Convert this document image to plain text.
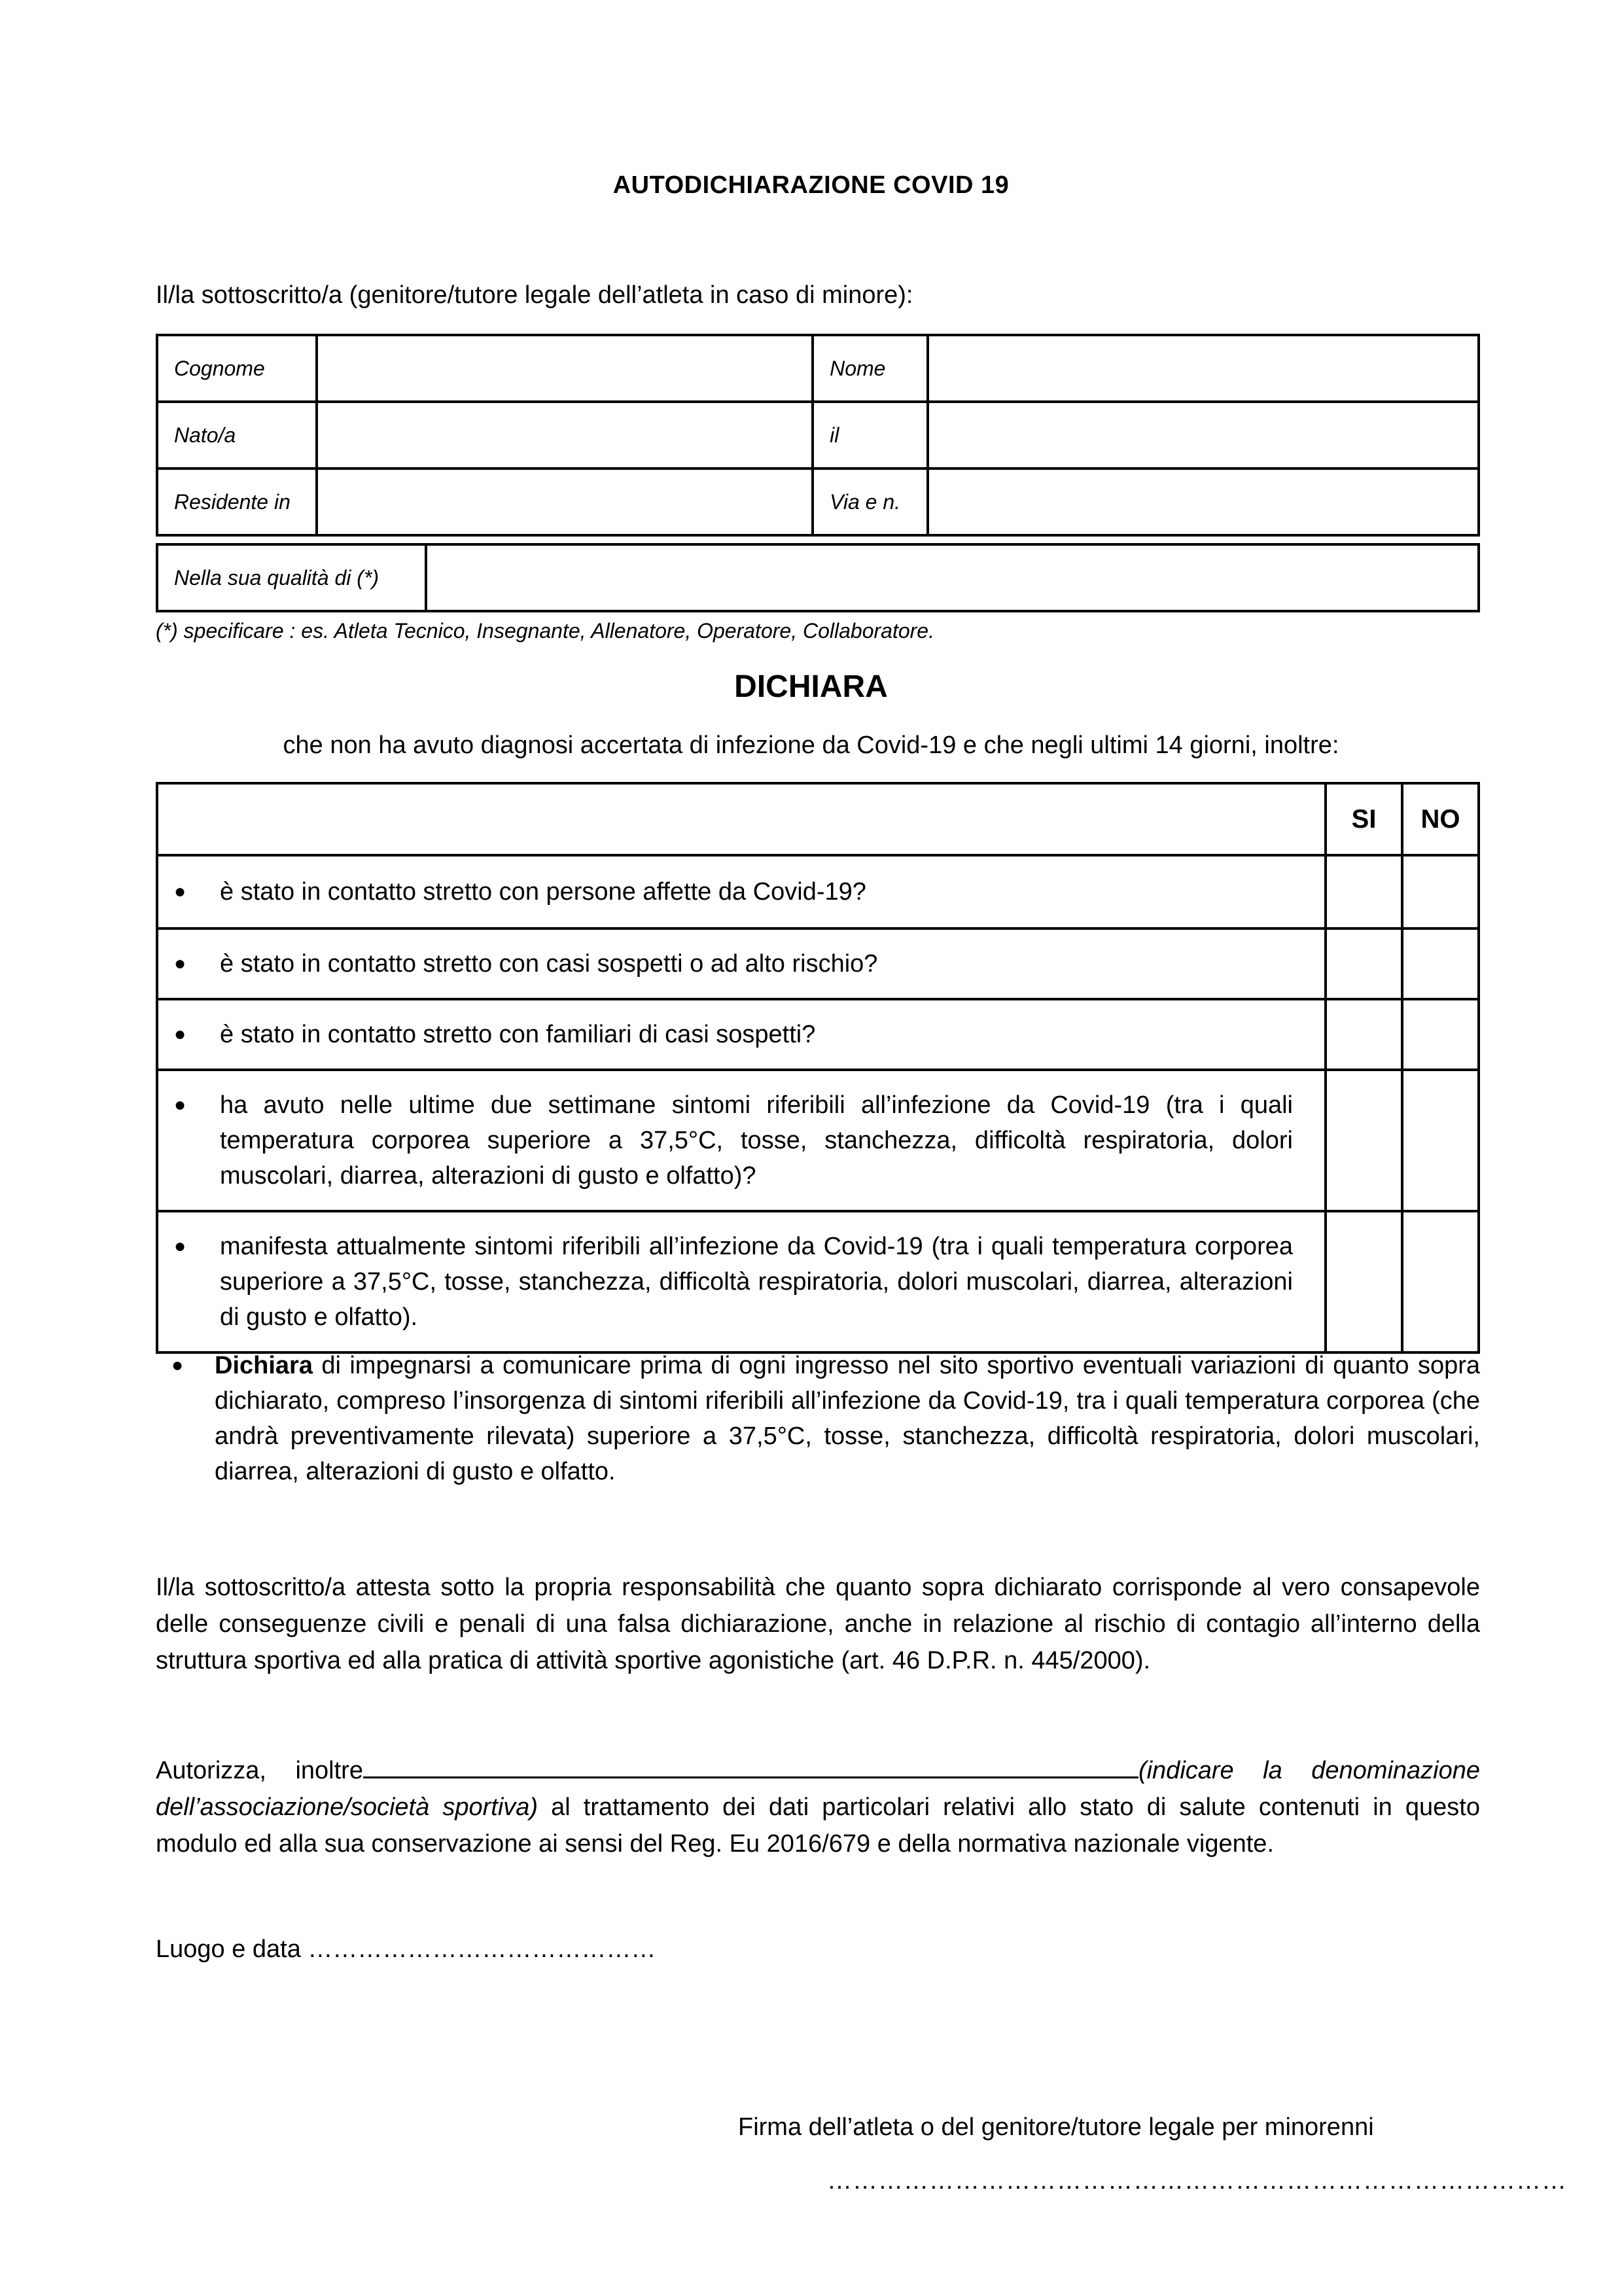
AUTODICHIARAZIONE COVID 19
Il/la sottoscritto/a (genitore/tutore legale dell’atleta in caso di minore):
Cognome		Nome	
Nato/a		il	
Residente in		Via e n.	
Nella sua qualità di (*)	
(*) specificare : es. Atleta Tecnico, Insegnante, Allenatore, Operatore, Collaboratore.
DICHIARA
che non ha avuto diagnosi accertata di infezione da Covid-19 e che negli ultimi 14 giorni, inoltre:
	SI	NO
● è stato in contatto stretto con persone affette da Covid-19?		
● è stato in contatto stretto con casi sospetti o ad alto rischio?		
● è stato in contatto stretto con familiari di casi sospetti?		
● ha avuto nelle ultime due settimane sintomi riferibili all’infezione da Covid-19 (tra i quali temperatura corporea superiore a 37,5°C, tosse, stanchezza, difficoltà respiratoria, dolori muscolari, diarrea, alterazioni di gusto e olfatto)?		
● manifesta attualmente sintomi riferibili all’infezione da Covid-19 (tra i quali temperatura corporea superiore a 37,5°C, tosse, stanchezza, difficoltà respiratoria, dolori muscolari, diarrea, alterazioni di gusto e olfatto).		
● Dichiara di impegnarsi a comunicare prima di ogni ingresso nel sito sportivo eventuali variazioni di quanto sopra dichiarato, compreso l’insorgenza di sintomi riferibili all’infezione da Covid-19, tra i quali temperatura corporea (che andrà preventivamente rilevata) superiore a 37,5°C, tosse, stanchezza, difficoltà respiratoria, dolori muscolari, diarrea, alterazioni di gusto e olfatto.
Il/la sottoscritto/a attesta sotto la propria responsabilità che quanto sopra dichiarato corrisponde al vero consapevole delle conseguenze civili e penali di una falsa dichiarazione, anche in relazione al rischio di contagio all’interno della struttura sportiva ed alla pratica di attività sportive agonistiche (art. 46 D.P.R. n. 445/2000).
Autorizza, inoltre	(indicare la denominazione dell’associazione/società sportiva) al trattamento dei dati particolari relativi allo stato di salute contenuti in questo modulo ed alla sua conservazione ai sensi del Reg. Eu 2016/679 e della normativa nazionale vigente.
Luogo e data ……………………………………
Firma dell’atleta o del genitore/tutore legale per minorenni
……………………………………………………………………………
